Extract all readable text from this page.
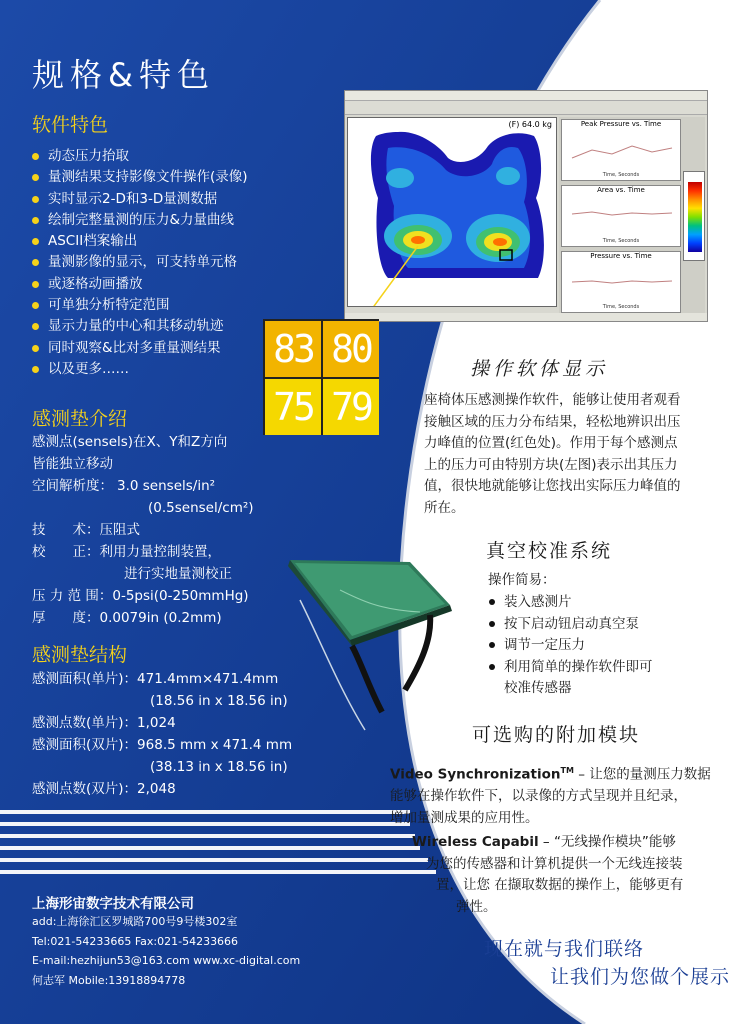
规格&特色
软件特色
动态压力抬取
量测结果支持影像文件操作(录像)
实时显示2-D和3-D量测数据
绘制完整量测的压力&力量曲线
ASCII档案输出
量测影像的显示，可支持单元格
或逐格动画播放
可单独分析特定范围
显示力量的中心和其移动轨迹
同时观察&比对多重量测结果
以及更多……
感测垫介绍
感测点(sensels)在X、Y和Z方向
皆能独立移动
空间解析度： 3.0 sensels/in²
(0.5sensel/cm²)
技　　术： 压阻式
校　　正： 利用力量控制装置，
进行实地量测校正
压 力 范 围： 0-5psi(0-250mmHg)
厚　　度： 0.0079in (0.2mm)
感测垫结构
感测面积(单片)： 471.4mm×471.4mm
(18.56 in x 18.56 in)
感测点数(单片)： 1,024
感测面积(双片)： 968.5 mm x 471.4 mm
(38.13 in x 18.56 in)
感测点数(双片)： 2,048
上海形宙数字技术有限公司
add:上海徐汇区罗城路700号9号楼302室
Tel:021-54233665 Fax:021-54233666
E-mail:hezhijun53@163.com www.xc-digital.com
何志军 Mobile:13918894778
(F) 64.0 kg	Peak Pressure vs. Time
Time, Seconds
Area vs. Time
Time, Seconds
Pressure vs. Time
Time, Seconds
83 80
75 79
操作软体显示
座椅体压感测操作软件，能够让使用者观看
接触区域的压力分布结果，轻松地辨识出压
力峰值的位置(红色处)。作用于每个感测点
上的压力可由特别方块(左图)表示出其压力
值，很快地就能够让您找出实际压力峰值的
所在。
真空校准系统
操作简易：
装入感测片
按下启动钮启动真空泵
调节一定压力
利用简单的操作软件即可
校准传感器
可选购的附加模块
Video Synchronization™ – 让您的量测压力数据
能够在操作软件下，以录像的方式呈现并且纪录，
增加量测成果的应用性。
Wireless Capabil – “无线操作模块”能够
为您的传感器和计算机提供一个无线连接装
置，让您 在撷取数据的操作上，能够更有
弹性。
现在就与我们联络
让我们为您做个展示
